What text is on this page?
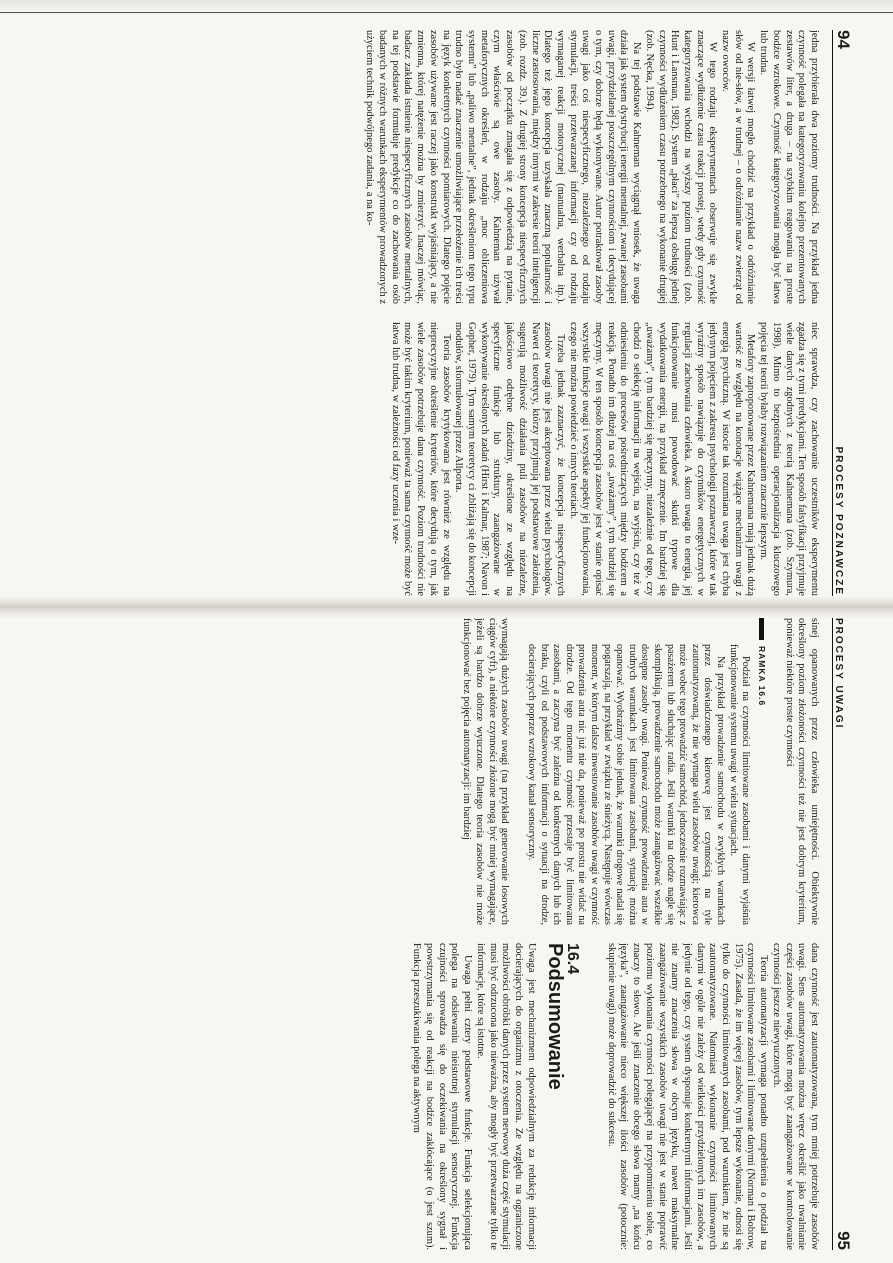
94
PROCESY POZNAWCZE

jedna przybierała dwa poziomy trudności. Na przykład jedna czynność polegała na kategoryzowaniu kolejno prezentowanych zestawów liter, a druga – na szybkim reagowaniu na proste bodźce wzrokowe. Czynność kategoryzowania mogła być łatwa lub trudna.

W wersji łatwej mogło chodzić na przykład o odróżnianie słów od nie-słów, a w trudnej – o odróżnianie nazw zwierząt od nazw owoców.

W tego rodzaju eksperymentach obserwuje się zwykle znaczące wydłużenie czasu reakcji prostej, wtedy gdy czynność kategoryzowania wchodzi na wyższy poziom trudności (zob. Hunt i Lansman, 1982). System „płaci” za lepszą obsługę jednej czynności wydłużeniem czasu potrzebnego na wykonanie drugiej (zob. Nęcka, 1994).

Na tej podstawie Kahneman wyciągnął wniosek, że uwaga działa jak system dystrybucji energii mentalnej, zwanej zasobami uwagi, przydzielanej poszczególnym czynnościom i decydującej o tym, czy dobrze będą wykonywane. Autor potraktował zasoby uwagi jako coś niespecyficznego, niezależnego od rodzaju stymulacji, treści przetwarzanej informacji czy od rodzaju wymaganej reakcji motorycznej (manualna, werbalna itp.). Dlatego też jego koncepcja uzyskała znaczną popularność i liczne zastosowania, między innymi w zakresie teorii inteligencji (zob. rozdz. 39.). Z drugiej strony koncepcja niespecyficznych zasobów od początku zmagała się z odpowiedzią na pytanie, czym właściwie są owe zasoby. Kahneman używał metaforycznych określeń, w rodzaju „moc obliczeniowa systemu” lub „paliwo mentalne”, jednak określeniom tego typu trudno było nadać znaczenie umożliwiające przełożenie ich treści na język konkretnych czynności pomiarowych. Dlatego pojęcie zasobów używane jest raczej jako konstrukt wyjaśniający, a nie zmienna, której natężenie można by zmierzyć. Inaczej mówiąc, badacz zakłada istnienie niespecyficznych zasobów mentalnych, na tej podstawie formułuje predykcje co do zachowania osób badanych w różnych warunkach eksperymentów prowadzonych z użyciem technik podwójnego zadania, a na ko-

niec sprawdza, czy zachowanie uczestników eksperymentu zgadza się z tymi predykcjami. Ten sposób falsyfikacji przyjmuje wiele danych zgodnych z teorią Kahnemana (zob. Szymura, 1998). Mimo to bezpośrednia operacjonalizacja kluczowego pojęcia tej teorii byłaby rozwiązaniem znacznie lepszym.

Metafory zaproponowane przez Kahnemana mają jednak dużą wartość ze względu na konotacje wiążące mechanizm uwagi z energią psychiczną. W istocie tak rozumiana uwaga jest chyba jedynym pojęciem z zakresu psychologii poznawczej, które w tak wyraźny sposób nawiązuje do czynników energetycznych w regulacji zachowania człowieka. A skoro uwaga to energia, jej funkcjonowanie musi powodować skutki typowe dla wydatkowania energii, na przykład zmęczenie. Im bardziej się „uważamy”, tym bardziej się męczymy, niezależnie od tego, czy chodzi o selekcję informacji na wejściu, na wyjściu, czy też w odniesieniu do procesów pośredniczących między bodźcem a reakcją. Ponadto im dłużej na coś „uważamy”, tym bardziej się męczymy. W ten sposób koncepcja zasobów jest w stanie opisać wszystkie funkcje uwagi i wszystkie aspekty jej funkcjonowania, czego nie można powiedzieć o innych teoriach.

Trzeba jednak zaznaczyć, że koncepcja niespecyficznych zasobów uwagi nie jest akceptowana przez wielu psychologów. Nawet ci teoretycy, którzy przyjmują jej podstawowe założenia, sugerują możliwość działania puli zasobów na niezależne, jakościowo odrębne dziedziny, określone ze względu na specyficzne funkcje lub struktury, zaangażowane w wykonywanie określonych zadań (Hirst i Kalmar, 1987; Navon i Gopher, 1979). Tym samym teoretycy ci zbliżają się do koncepcji modułów, sformułowanej przez Allporta.

Teoria zasobów krytykowana jest również ze względu na nieprecyzyjne określenie kryteriów, które decydują o tym, jak wiele zasobów potrzebuje dana czynność. Poziom trudności nie może być takim kryterium, ponieważ ta sama czynność może być łatwa lub trudna, w zależności od fazy uczenia i wze-

PROCESY UWAGI
95

sinej opanowanych przez człowieka umiejętności. Obiektywnie określony poziom złożoności czynności też nie jest dobrym kryterium, ponieważ niektóre proste czynności

RAMKA 16.6

Podział na czynności limitowane zasobami i danymi wyjaśnia funkcjonowanie systemu uwagi w wielu sytuacjach.

Na przykład prowadzenie samochodu w zwykłych warunkach przez doświadczonego kierowcę jest czynnością na tyle zautomatyzowaną, że nie wymaga wielu zasobów uwagi; kierowca może wobec tego prowadzić samochód, jednocześnie rozmawiając z pasażerem lub słuchając radia. Jeśli warunki na drodze nagle się skomplikują, prowadzenie samochodu może zaangażować wszelkie dostępne zasoby uwagi. Ponieważ czynność prowadzenia auta w trudnych warunkach jest limitowana zasobami, sytuację można opanować. Wyobraźmy sobie jednak, że warunki drogowe nadal się pogarszają, na przykład w związku ze śnieżycą. Następuje wówczas moment, w którym dalsze inwestowanie zasobów uwagi w czynność prowadzenia auta nic już nie da, ponieważ po prostu nie widać na drodze. Od tego momentu czynność przestaje być limitowana zasobami, a zaczyna być zależna od konkretnych danych lub ich braku, czyli od podstawowych informacji o sytuacji na drodze, docierających poprzez wzrokowy kanał sensoryczny.

wymagają dużych zasobów uwagi (na przykład generowanie losowych ciągów cyfr), a niektóre czynności złożone mogą być mniej wymagające, jeżeli są bardzo dobrze wyuczone. Dlatego teoria zasobów nie może funkcjonować bez pojęcia automatyzacji: im bardziej

dana czynność jest zautomatyzowana, tym mniej potrzebuje zasobów uwagi. Sens automatyzowania można wręcz określić jako uwalnianie części zasobów uwagi, które mogą być zaangażowane w kontrolowanie czynności jeszcze niewyuczonych.

Teoria automatyzacji wymaga ponadto uzupełnienia o podział na czynności limitowane zasobami i limitowane danymi (Norman i Bobrow, 1975). Zasada, że im więcej zasobów, tym lepsze wykonanie, odnosi się tylko do czynności limitowanych zasobami, pod warunkiem, że nie są zautomatyzowane. Natomiast wykonanie czynności limitowanych danymi w ogóle nie zależy od wielkości przydzielonych im zasobów, a jedynie od tego, czy system dysponuje konkretnymi informacjami. Jeśli nie znamy znaczenia słowa w obcym języku, nawet maksymalne zaangażowanie wszystkich zasobów uwagi nie jest w stanie poprawić poziomu wykonania czynności polegającej na przypomnieniu sobie, co znaczy to słowo. Ale jeśli znaczenie obcego słowa mamy „na końcu języka”, zaangażowanie nieco większej ilości zasobów (potocznie: skupienie uwagi) może doprowadzić do sukcesu.

16.4
Podsumowanie

Uwaga jest mechanizmem odpowiedzialnym za redukcję informacji docierających do organizmu z otoczenia. Ze względu na ograniczone możliwości obróbki danych przez system nerwowy duża część stymulacji musi być odrzucona jako nieważna, aby mogły być przetwarzane tylko te informacje, które są istotne.

Uwaga pełni cztery podstawowe funkcje. Funkcja selekcjonująca polega na odsiewaniu nieistotnej stymulacji sensorycznej. Funkcja czujności sprowadza się do oczekiwania na określony sygnał i powstrzymania się od reakcji na bodźce zakłócające (o jest szum). Funkcja przeszukiwania polega na aktywnym
